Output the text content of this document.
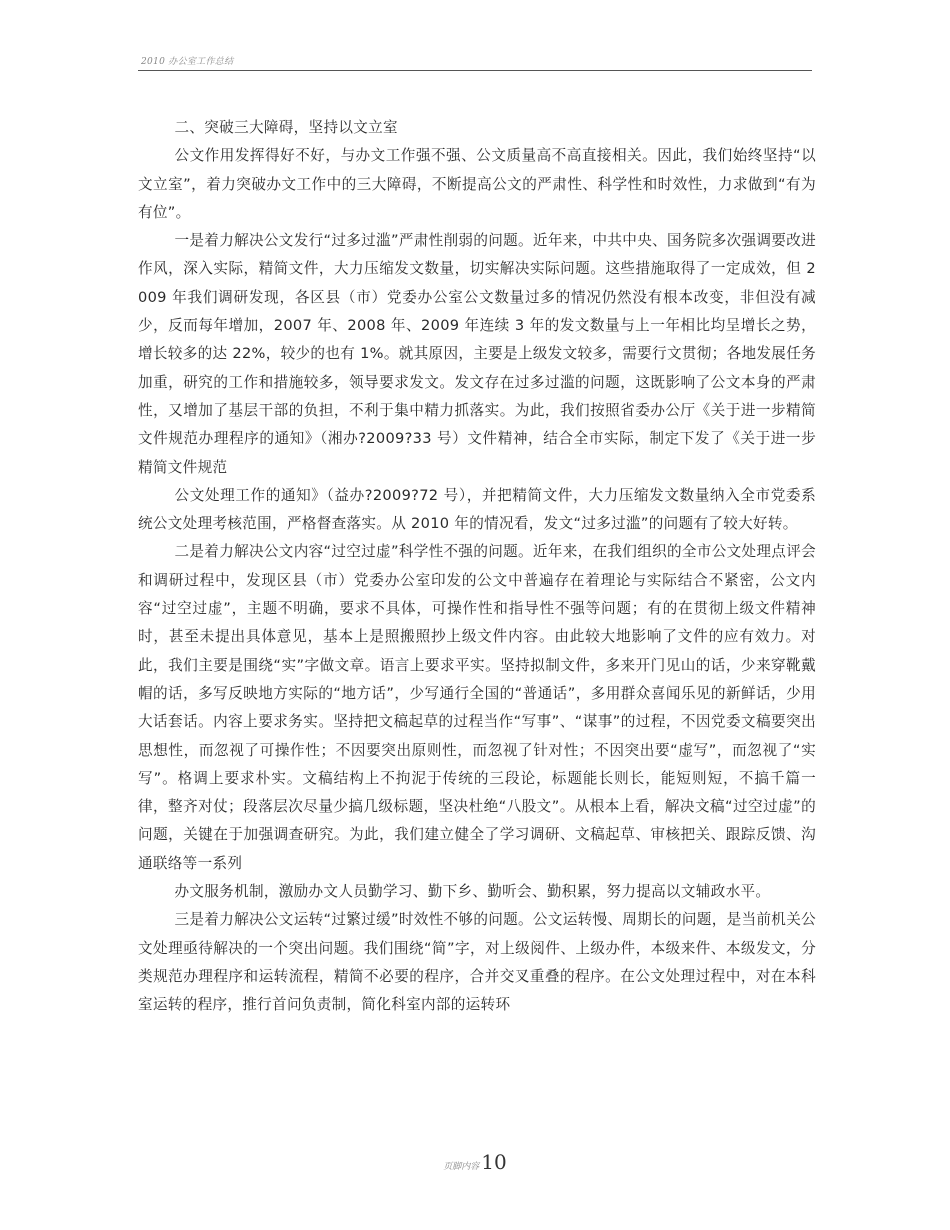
2010 办公室工作总结

二、突破三大障碍，坚持以文立室

公文作用发挥得好不好，与办文工作强不强、公文质量高不高直接相关。因此，我们始终坚持“以文立室”，着力突破办文工作中的三大障碍，不断提高公文的严肃性、科学性和时效性，力求做到“有为有位”。

一是着力解决公文发行“过多过滥”严肃性削弱的问题。近年来，中共中央、国务院多次强调要改进作风，深入实际，精简文件，大力压缩发文数量，切实解决实际问题。这些措施取得了一定成效，但 2009 年我们调研发现，各区县（市）党委办公室公文数量过多的情况仍然没有根本改变，非但没有减少，反而每年增加，2007 年、2008 年、2009 年连续 3 年的发文数量与上一年相比均呈增长之势，增长较多的达 22%，较少的也有 1%。就其原因，主要是上级发文较多，需要行文贯彻；各地发展任务加重，研究的工作和措施较多，领导要求发文。发文存在过多过滥的问题，这既影响了公文本身的严肃性，又增加了基层干部的负担，不利于集中精力抓落实。为此，我们按照省委办公厅《关于进一步精简文件规范办理程序的通知》（湘办?2009?33 号）文件精神，结合全市实际，制定下发了《关于进一步精简文件规范

公文处理工作的通知》（益办?2009?72 号），并把精简文件，大力压缩发文数量纳入全市党委系统公文处理考核范围，严格督查落实。从 2010 年的情况看，发文“过多过滥”的问题有了较大好转。

二是着力解决公文内容“过空过虚”科学性不强的问题。近年来，在我们组织的全市公文处理点评会和调研过程中，发现区县（市）党委办公室印发的公文中普遍存在着理论与实际结合不紧密，公文内容“过空过虚”，主题不明确，要求不具体，可操作性和指导性不强等问题；有的在贯彻上级文件精神时，甚至未提出具体意见，基本上是照搬照抄上级文件内容。由此较大地影响了文件的应有效力。对此，我们主要是围绕“实”字做文章。语言上要求平实。坚持拟制文件，多来开门见山的话，少来穿靴戴帽的话，多写反映地方实际的“地方话”，少写通行全国的“普通话”，多用群众喜闻乐见的新鲜话，少用大话套话。内容上要求务实。坚持把文稿起草的过程当作“写事”、“谋事”的过程，不因党委文稿要突出思想性，而忽视了可操作性；不因要突出原则性，而忽视了针对性；不因突出要“虚写”，而忽视了“实写”。格调上要求朴实。文稿结构上不拘泥于传统的三段论，标题能长则长，能短则短，不搞千篇一律，整齐对仗；段落层次尽量少搞几级标题，坚决杜绝“八股文”。从根本上看，解决文稿“过空过虚”的问题，关键在于加强调查研究。为此，我们建立健全了学习调研、文稿起草、审核把关、跟踪反馈、沟通联络等一系列

办文服务机制，激励办文人员勤学习、勤下乡、勤听会、勤积累，努力提高以文辅政水平。

三是着力解决公文运转“过繁过缓”时效性不够的问题。公文运转慢、周期长的问题，是当前机关公文处理亟待解决的一个突出问题。我们围绕“简”字，对上级阅件、上级办件，本级来件、本级发文，分类规范办理程序和运转流程，精简不必要的程序，合并交叉重叠的程序。在公文处理过程中，对在本科室运转的程序，推行首问负责制，简化科室内部的运转环

页脚内容 10
